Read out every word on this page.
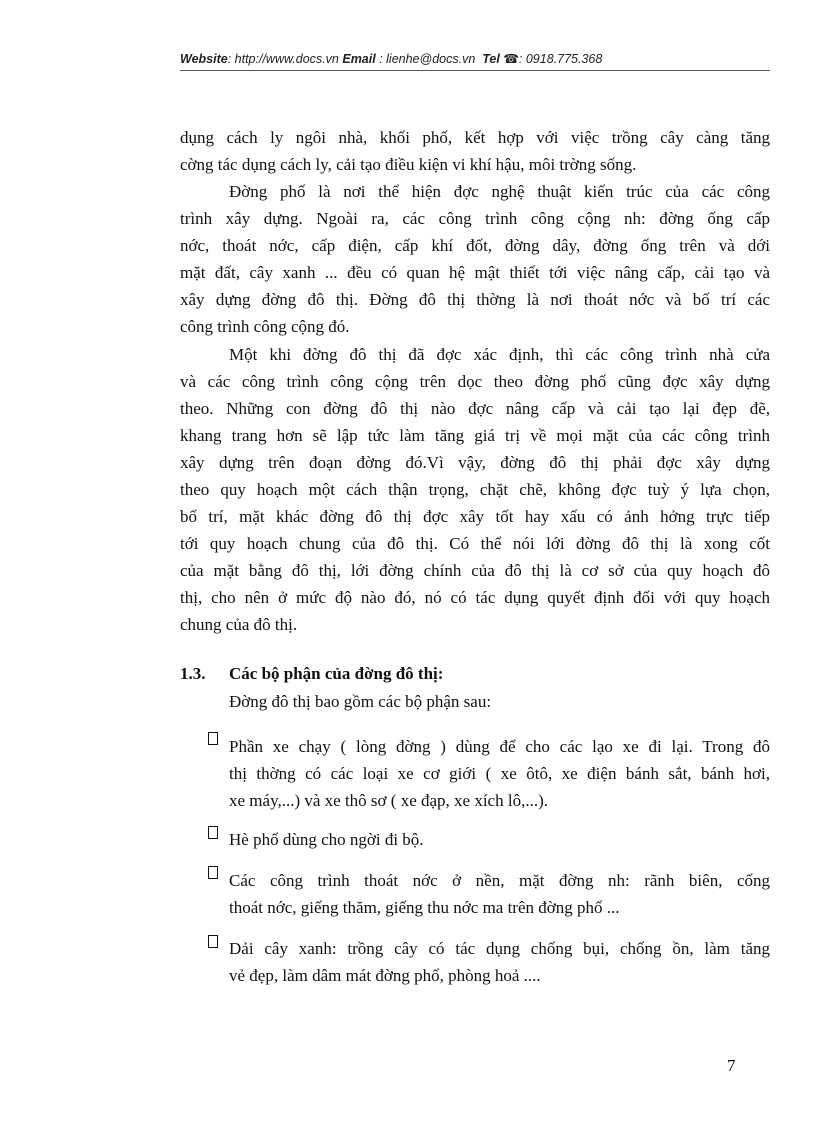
Website: http://www.docs.vn Email : lienhe@docs.vn Tel ☎: 0918.775.368
dụng cách ly ngôi nhà, khối phố, kết hợp với việc trồng cây càng tăng
cờng tác dụng cách ly, cải tạo điều kiện vi khí hậu, môi trờng sống.
Đờng phố là nơi thể hiện đợc nghệ thuật kiến trúc của các công
trình xây dựng. Ngoài ra, các công trình công cộng nh: đờng ống cấp
nớc, thoát nớc, cấp điện, cấp khí đốt, đờng dây, đờng ống trên và dới
mặt đất, cây xanh ... đều có quan hệ mật thiết tới việc nâng cấp, cải tạo và
xây dựng đờng đô thị. Đờng đô thị thờng là nơi thoát nớc và bố trí các
công trình công cộng đó.
Một khi đờng đô thị đã đợc xác định, thì các công trình nhà cửa
và các công trình công cộng trên dọc theo đờng phố cũng đợc xây dựng
theo. Những con đờng đô thị nào đợc nâng cấp và cải tạo lại đẹp đẽ,
khang trang hơn sẽ lập tức làm tăng giá trị về mọi mặt của các công trình
xây dựng trên đoạn đờng đó.Vì vậy, đờng đô thị phải đợc xây dựng
theo quy hoạch một cách thận trọng, chặt chẽ, không đợc tuỳ ý lựa chọn,
bố trí, mặt khác đờng đô thị đợc xây tốt hay xấu có ảnh hởng trực tiếp
tới quy hoạch chung của đô thị. Có thể nói lới đờng đô thị là xong cốt
của mặt bằng đô thị, lới đờng chính của đô thị là cơ sở của quy hoạch đô
thị, cho nên ở mức độ nào đó, nó có tác dụng quyết định đối với quy hoạch
chung của đô thị.
1.3. Các bộ phận của đờng đô thị:
Đờng đô thị bao gồm các bộ phận sau:
Phần xe chạy ( lòng đờng ) dùng để cho các lạo xe đi lại. Trong đô
thị thờng có các loại xe cơ giới ( xe ôtô, xe điện bánh sắt, bánh hơi,
xe máy,...) và xe thô sơ ( xe đạp, xe xích lô,...).
Hè phố dùng cho ngời đi bộ.
Các công trình thoát nớc ở nền, mặt đờng nh: rãnh biên, cống
thoát nớc, giếng thăm, giếng thu nớc ma trên đờng phố ...
Dải cây xanh: trồng cây có tác dụng chống bụi, chống ồn, làm tăng
vẻ đẹp, làm dâm mát đờng phố, phòng hoả ....
7
